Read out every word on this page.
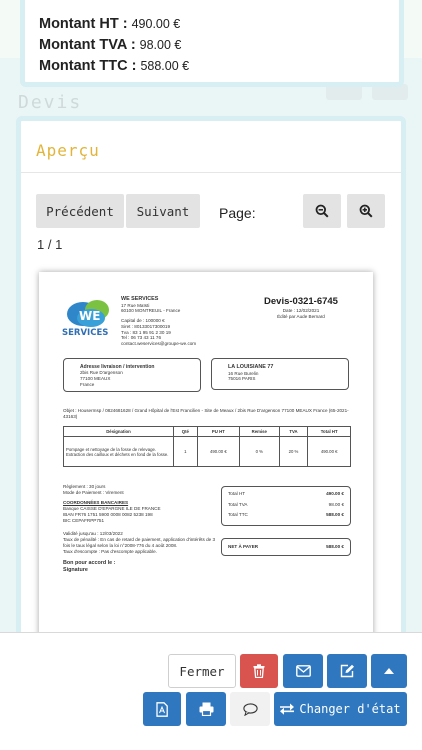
Devis
Montant HT : 490.00 €
Montant TVA : 98.00 €
Montant TTC : 588.00 €
Aperçu
Précédent	Suivant	Page:
1 / 1
WE
SERVICES
WE SERVICES
17 Rue Maïsti
60100 MONTREUIL - France
Capital de : 100000 €
Siret : 80133017300019
Tva : 83 1 95 91 2 30 19
Tel : 06 73 43 11 76
contact.weservices@groupe-we.com
Devis-0321-6745
Date : 12/02/2021
Édité par Aude Bernard
Adresse livraison / intervention
2bis Rue D'argenson
77100 MEAUX
France
LA LOUISIANE 77
16 Rue Burelin
75016 PARIS
Objet : Housermsp / 0824681628 / Grand Hôpital de l'Est Francilien - Site de Meaux / 2bis Rue D'argenson 77100 MEAUX France (65-2021-43163)
Désignation	Qté	PU HT	Remise	TVA	Total HT
Pompage et nettoyage de la fosse de relevage. Extraction des cailloux et déchets en fond de la fosse.	1	490.00 €	0 %	20 %	490.00 €
Règlement : 30 jours
Mode de Paiement : Virement
COORDONNÉES BANCAIRES
Banque CAISSE D'EPARGNE ILE DE FRANCE
IBAN FR76 1751 5900 0008 0082 5238 198
BIC CEPAFRPP751
Validité jusqu'au : 12/03/2022
Taux de pénalité : En cas de retard de paiement, application d'intérêts de 3 fois le taux légal selon la loi n°2008-776 du 4 août 2008.
Taux d'escompte : Pas d'escompte applicable.
Bon pour accord le :
Signature
Total HT	490.00 €
Total TVA	98.00 €
Total TTC	588.00 €
NET À PAYER	588.00 €
Fermer
Changer d'état
